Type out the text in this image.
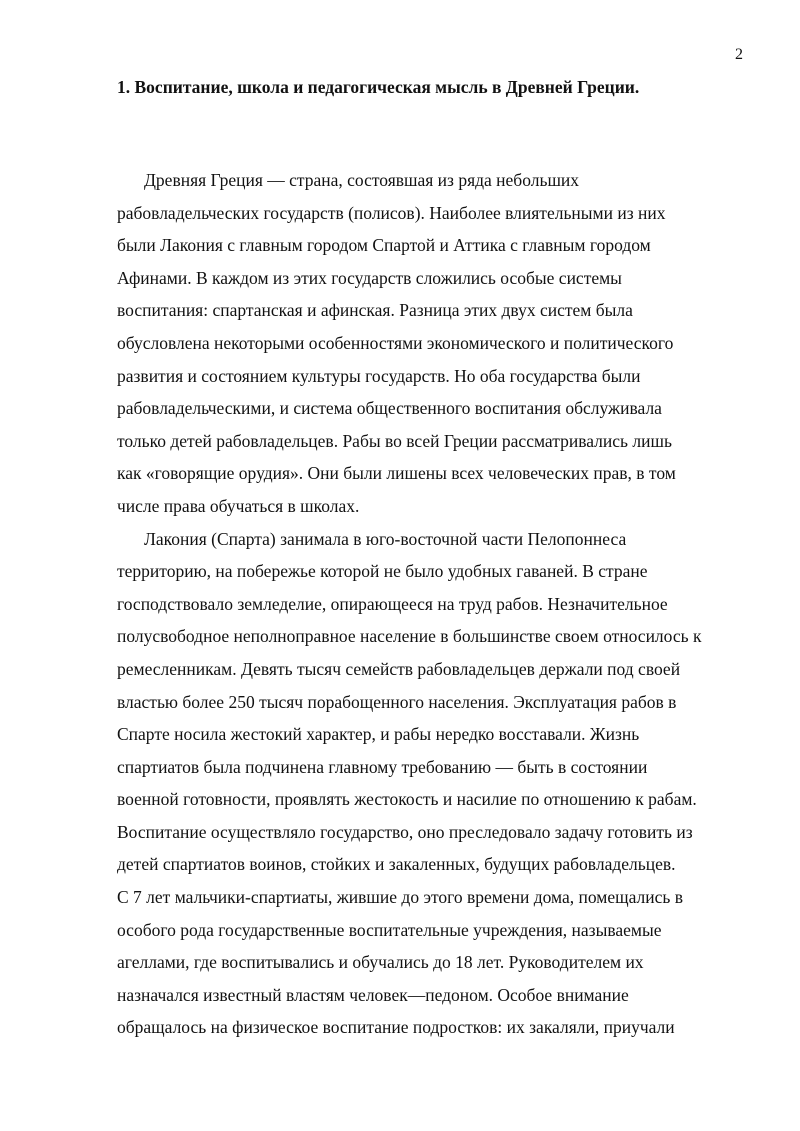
2
1. Воспитание, школа и педагогическая мысль в Древней Греции.
Древняя Греция — страна, состоявшая из ряда небольших
рабовладельческих государств (полисов). Наиболее влиятельными из них
были Лакония с главным городом Спартой и Аттика с главным городом
Афинами. В каждом из этих государств сложились особые системы
воспитания: спартанская и афинская. Разница этих двух систем была
обусловлена некоторыми особенностями экономического и политического
развития и состоянием культуры государств. Но оба государства были
рабовладельческими, и система общественного воспитания обслуживала
только детей рабовладельцев. Рабы во всей Греции рассматривались лишь
как «говорящие орудия». Они были лишены всех человеческих прав, в том
числе права обучаться в школах.
Лакония (Спарта) занимала в юго-восточной части Пелопоннеса
территорию, на побережье которой не было удобных гаваней. В стране
господствовало земледелие, опирающееся на труд рабов. Незначительное
полусвободное неполноправное население в большинстве своем относилось к
ремесленникам. Девять тысяч семейств рабовладельцев держали под своей
властью более 250 тысяч порабощенного населения. Эксплуатация рабов в
Спарте носила жестокий характер, и рабы нередко восставали. Жизнь
спартиатов была подчинена главному требованию — быть в состоянии
военной готовности, проявлять жестокость и насилие по отношению к рабам.
Воспитание осуществляло государство, оно преследовало задачу готовить из
детей спартиатов воинов, стойких и закаленных, будущих рабовладельцев.
С 7 лет мальчики-спартиаты, жившие до этого времени дома, помещались в
особого рода государственные воспитательные учреждения, называемые
агеллами, где воспитывались и обучались до 18 лет. Руководителем их
назначался известный властям человек—педоном. Особое внимание
обращалось на физическое воспитание подростков: их закаляли, приучали
